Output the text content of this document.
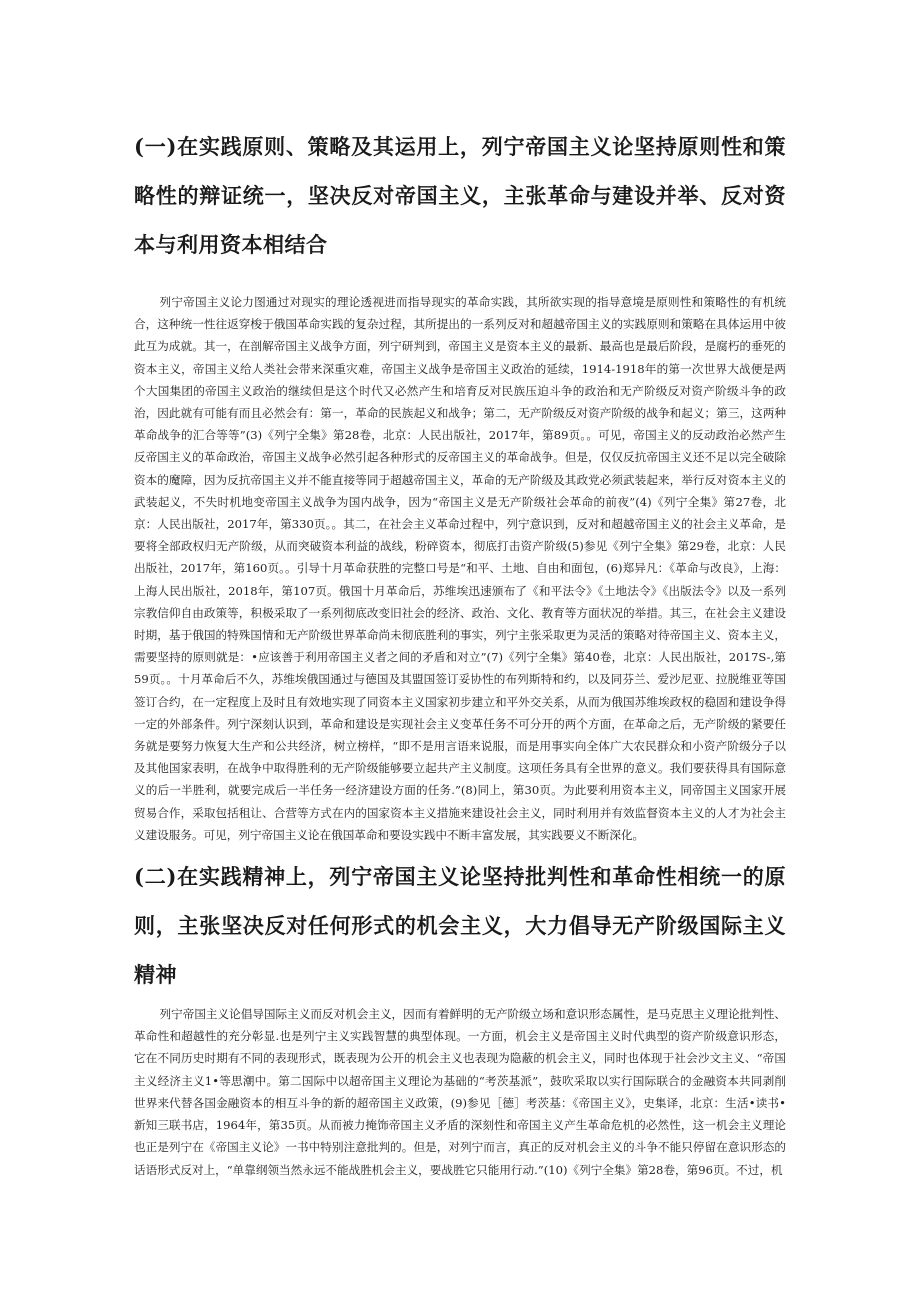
(一)在实践原则、策略及其运用上，列宁帝国主义论坚持原则性和策略性的辩证统一，坚决反对帝国主义，主张革命与建设并举、反对资本与利用资本相结合

列宁帝国主义论力图通过对现实的理论透视进而指导现实的革命实践，其所欲实现的指导意境是原则性和策略性的有机统合，这种统一性往返穿梭于俄国革命实践的复杂过程，其所提出的一系列反对和超越帝国主义的实践原则和策略在具体运用中彼此互为成就。其一，在剖解帝国主义战争方面，列宁研判到，帝国主义是资本主义的最新、最高也是最后阶段，是腐朽的垂死的资本主义，帝国主义给人类社会带来深重灾难，帝国主义战争是帝国主义政治的延续，1914-1918年的第一次世界大战便是两个大国集团的帝国主义政治的继续但是这个时代又必然产生和培育反对民族压迫斗争的政治和无产阶级反对资产阶级斗争的政治，因此就有可能有而且必然会有：第一，革命的民族起义和战争；第二，无产阶级反对资产阶级的战争和起义；第三，这两种革命战争的汇合等等”(3)《列宁全集》第28卷，北京：人民出版社，2017年，第89页。。可见，帝国主义的反动政治必然产生反帝国主义的革命政治，帝国主义战争必然引起各种形式的反帝国主义的革命战争。但是，仅仅反抗帝国主义还不足以完全破除资本的魔障，因为反抗帝国主义并不能直接等同于超越帝国主义，革命的无产阶级及其政党必须武装起来，举行反对资本主义的武装起义，不失时机地变帝国主义战争为国内战争，因为“帝国主义是无产阶级社会革命的前夜”(4)《列宁全集》第27卷，北京：人民出版社，2017年，第330页。。其二，在社会主义革命过程中，列宁意识到，反对和超越帝国主义的社会主义革命，是要将全部政权归无产阶级，从而突破资本利益的战线，粉碎资本，彻底打击资产阶级(5)参见《列宁全集》第29卷，北京：人民出版社，2017年，第160页。。引导十月革命获胜的完整口号是“和平、土地、自由和面包，(6)郑异凡：《革命与改良》，上海：上海人民出版社，2018年，第107页。俄国十月革命后，苏维埃迅速颁布了《和平法令》《土地法令》《出版法令》以及一系列宗教信仰自由政策等，积极采取了一系列彻底改变旧社会的经济、政治、文化、教育等方面状况的举措。其三，在社会主义建设时期，基于俄国的特殊国情和无产阶级世界革命尚未彻底胜利的事实，列宁主张采取更为灵活的策略对待帝国主义、资本主义，需要坚持的原则就是：•应该善于利用帝国主义者之间的矛盾和对立”(7)《列宁全集》第40卷，北京：人民出版社，2017S-,第59页。。十月革命后不久，苏维埃俄国通过与德国及其盟国签订妥协性的布列斯特和约，以及同芬兰、爱沙尼亚、拉脱维亚等国签订合约，在一定程度上及时且有效地实现了同资本主义国家初步建立和平外交关系，从而为俄国苏维埃政权的稳固和建设争得一定的外部条件。列宁深刻认识到，革命和建设是实现社会主义变革任务不可分开的两个方面，在革命之后，无产阶级的紧要任务就是要努力恢复大生产和公共经济，树立榜样，“即不是用言语来说服，而是用事实向全体广大农民群众和小资产阶级分子以及其他国家表明，在战争中取得胜利的无产阶级能够要立起共产主义制度。这项任务具有全世界的意义。我们要获得具有国际意义的后一半胜利，就要完成后一半任务一经济建设方面的任务.”(8)同上，第30页。为此要利用资本主义，同帝国主义国家开展贸易合作，采取包括租让、合营等方式在内的国家资本主义措施来建设社会主义，同时利用并有效监督资本主义的人才为社会主义建设服务。可见，列宁帝国主义论在俄国革命和要设实践中不断丰富发展，其实践要义不断深化。

(二)在实践精神上，列宁帝国主义论坚持批判性和革命性相统一的原则，主张坚决反对任何形式的机会主义，大力倡导无产阶级国际主义精神

列宁帝国主义论倡导国际主义而反对机会主义，因而有着鲜明的无产阶级立场和意识形态属性，是马克思主义理论批判性、革命性和超越性的充分彰显.也是列宁主义实践智慧的典型体现。一方面，机会主义是帝国主义时代典型的资产阶级意识形态，它在不同历史时期有不同的表现形式，既表现为公开的机会主义也表现为隐蔽的机会主义，同时也体现于社会沙文主义、“帝国主义经济主义1•等思潮中。第二国际中以超帝国主义理论为基础的“考茨基派”，鼓吹采取以实行国际联合的金融资本共同剥削世界来代替各国金融资本的相互斗争的新的超帝国主义政策，(9)参见［德］考茨基：《帝国主义》，史集译，北京：生活•读书•新知三联书店，1964年，第35页。从而被力掩饰帝国主义矛盾的深刻性和帝国主义产生革命危机的必然性，这一机会主义理论也正是列宁在《帝国主义论》一书中特别注意批判的。但是，对列宁而言，真正的反对机会主义的斗争不能只停留在意识形态的话语形式反对上，“单靠纲领当然永远不能战胜机会主义，要战胜它只能用行动.”(10)《列宁全集》第28卷，第96页。不过，机
